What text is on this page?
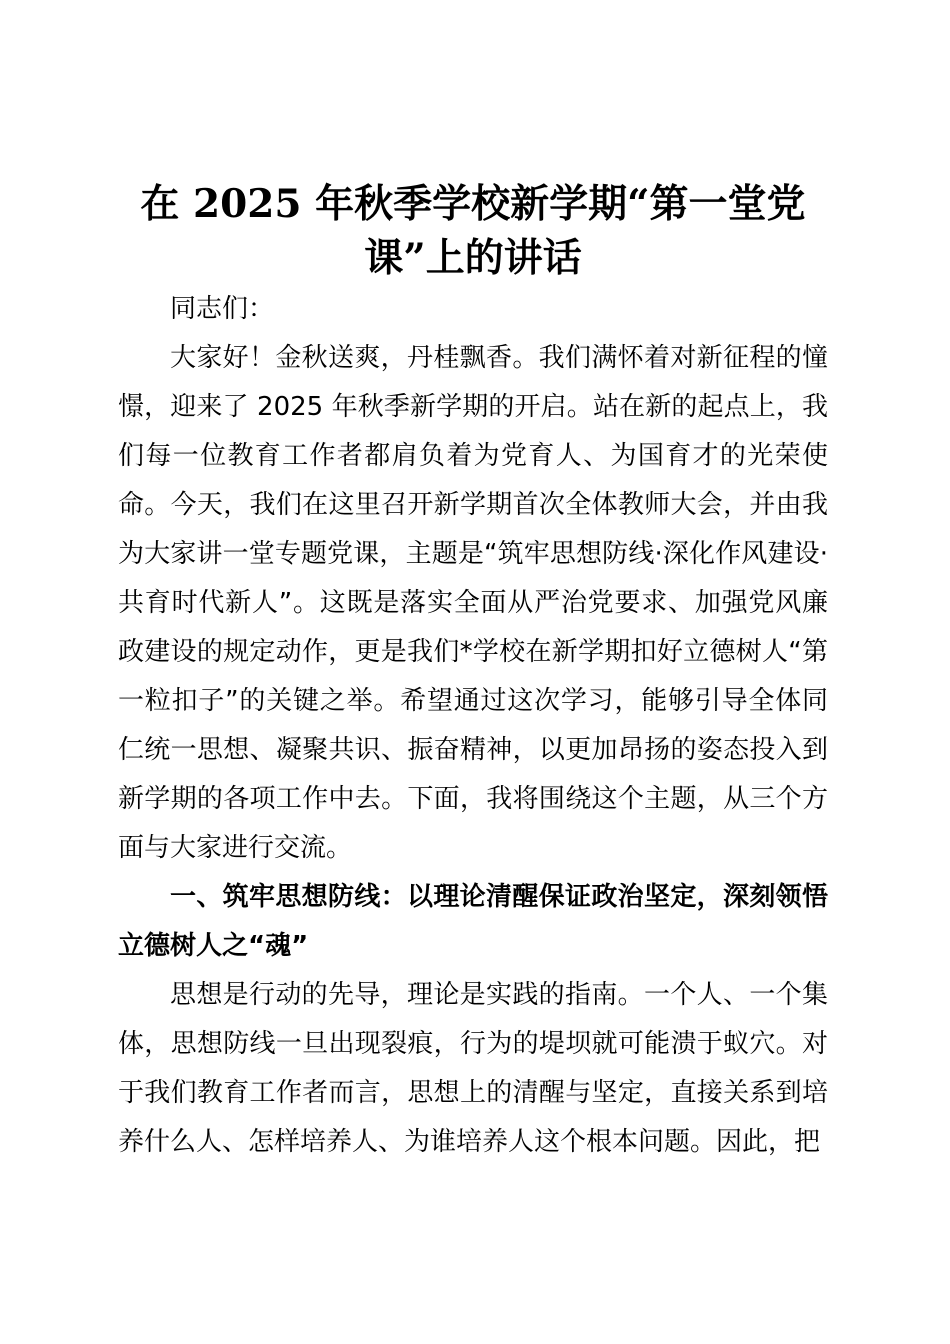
在 2025 年秋季学校新学期“第一堂党课”上的讲话

同志们：

大家好！金秋送爽，丹桂飘香。我们满怀着对新征程的憧憬，迎来了 2025 年秋季新学期的开启。站在新的起点上，我们每一位教育工作者都肩负着为党育人、为国育才的光荣使命。今天，我们在这里召开新学期首次全体教师大会，并由我为大家讲一堂专题党课，主题是“筑牢思想防线·深化作风建设·共育时代新人”。这既是落实全面从严治党要求、加强党风廉政建设的规定动作，更是我们*学校在新学期扣好立德树人“第一粒扣子”的关键之举。希望通过这次学习，能够引导全体同仁统一思想、凝聚共识、振奋精神，以更加昂扬的姿态投入到新学期的各项工作中去。下面，我将围绕这个主题，从三个方面与大家进行交流。

一、筑牢思想防线：以理论清醒保证政治坚定，深刻领悟立德树人之“魂”

思想是行动的先导，理论是实践的指南。一个人、一个集体，思想防线一旦出现裂痕，行为的堤坝就可能溃于蚁穴。对于我们教育工作者而言，思想上的清醒与坚定，直接关系到培养什么人、怎样培养人、为谁培养人这个根本问题。因此，把
